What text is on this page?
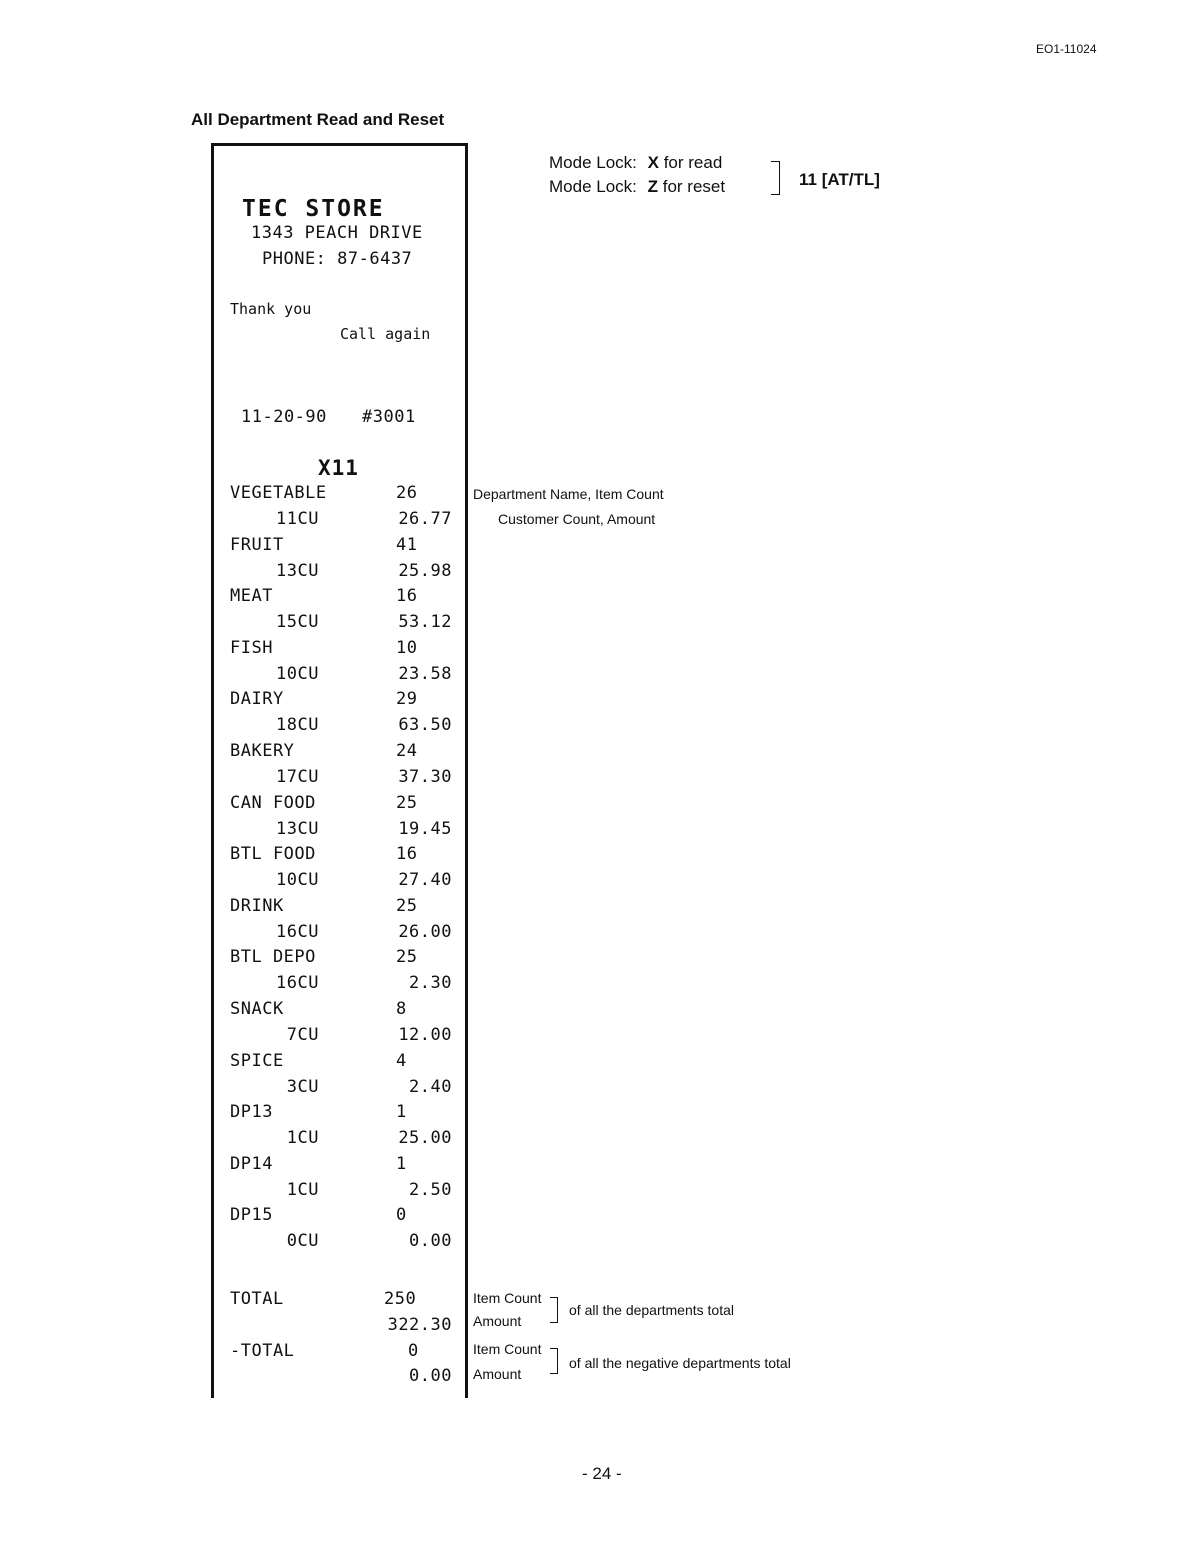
EO1-11024
All Department Read and Reset
Mode Lock: X for read
Mode Lock: Z for reset	11 [AT/TL]
TEC STORE
1343 PEACH DRIVE
PHONE: 87-6437
Thank you
Call again
11-20-90 #3001
X11
VEGETABLE	26
11CU	26.77
FRUIT	41
13CU	25.98
MEAT	16
15CU	53.12
FISH	10
10CU	23.58
DAIRY	29
18CU	63.50
BAKERY	24
17CU	37.30
CAN FOOD	25
13CU	19.45
BTL FOOD	16
10CU	27.40
DRINK	25
16CU	26.00
BTL DEPO	25
16CU	2.30
SNACK	8
7CU	12.00
SPICE	4
3CU	2.40
DP13	1
1CU	25.00
DP14	1
1CU	2.50
DP15	0
0CU	0.00
TOTAL	250
322.30
-TOTAL	0
0.00
Department Name, Item Count
Customer Count, Amount
Item Count
Amount
of all the departments total
Item Count
Amount
of all the negative departments total
- 24 -
